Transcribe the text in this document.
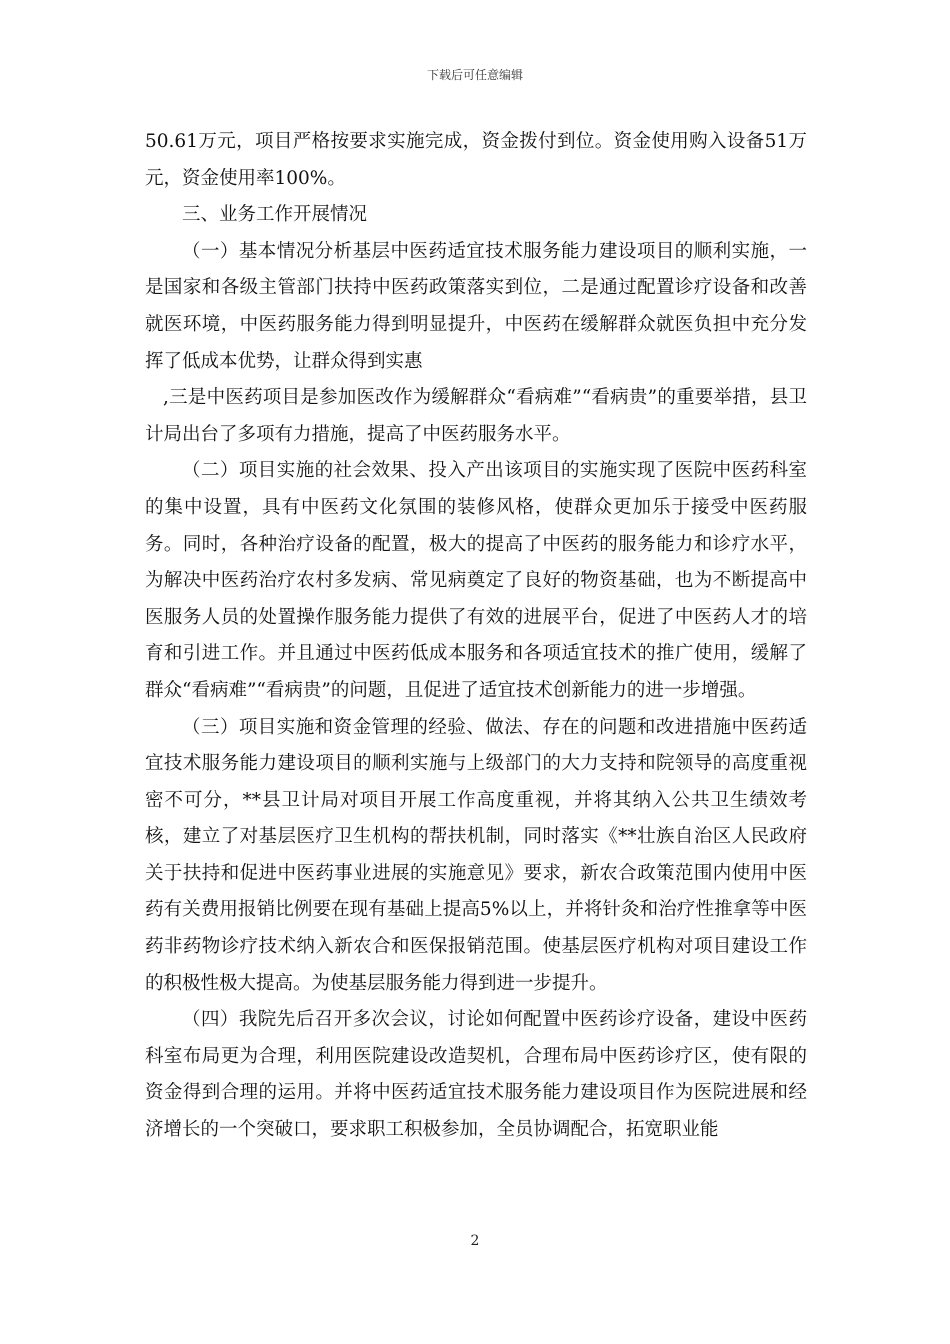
下载后可任意编辑

50.61万元，项目严格按要求实施完成，资金拨付到位。资金使用购入设备51万元，资金使用率100%。

三、业务工作开展情况

（一）基本情况分析基层中医药适宜技术服务能力建设项目的顺利实施，一是国家和各级主管部门扶持中医药政策落实到位，二是通过配置诊疗设备和改善就医环境，中医药服务能力得到明显提升，中医药在缓解群众就医负担中充分发挥了低成本优势，让群众得到实惠

,三是中医药项目是参加医改作为缓解群众“看病难”“看病贵”的重要举措，县卫计局出台了多项有力措施，提高了中医药服务水平。

（二）项目实施的社会效果、投入产出该项目的实施实现了医院中医药科室的集中设置，具有中医药文化氛围的装修风格，使群众更加乐于接受中医药服务。同时，各种治疗设备的配置，极大的提高了中医药的服务能力和诊疗水平，为解决中医药治疗农村多发病、常见病奠定了良好的物资基础，也为不断提高中医服务人员的处置操作服务能力提供了有效的进展平台，促进了中医药人才的培育和引进工作。并且通过中医药低成本服务和各项适宜技术的推广使用，缓解了群众“看病难”“看病贵”的问题，且促进了适宜技术创新能力的进一步增强。

（三）项目实施和资金管理的经验、做法、存在的问题和改进措施中医药适宜技术服务能力建设项目的顺利实施与上级部门的大力支持和院领导的高度重视密不可分，**县卫计局对项目开展工作高度重视，并将其纳入公共卫生绩效考核，建立了对基层医疗卫生机构的帮扶机制，同时落实《**壮族自治区人民政府关于扶持和促进中医药事业进展的实施意见》要求，新农合政策范围内使用中医药有关费用报销比例要在现有基础上提高5%以上，并将针灸和治疗性推拿等中医药非药物诊疗技术纳入新农合和医保报销范围。使基层医疗机构对项目建设工作的积极性极大提高。为使基层服务能力得到进一步提升。

（四）我院先后召开多次会议，讨论如何配置中医药诊疗设备，建设中医药科室布局更为合理，利用医院建设改造契机，合理布局中医药诊疗区，使有限的资金得到合理的运用。并将中医药适宜技术服务能力建设项目作为医院进展和经济增长的一个突破口，要求职工积极参加，全员协调配合，拓宽职业能

2
